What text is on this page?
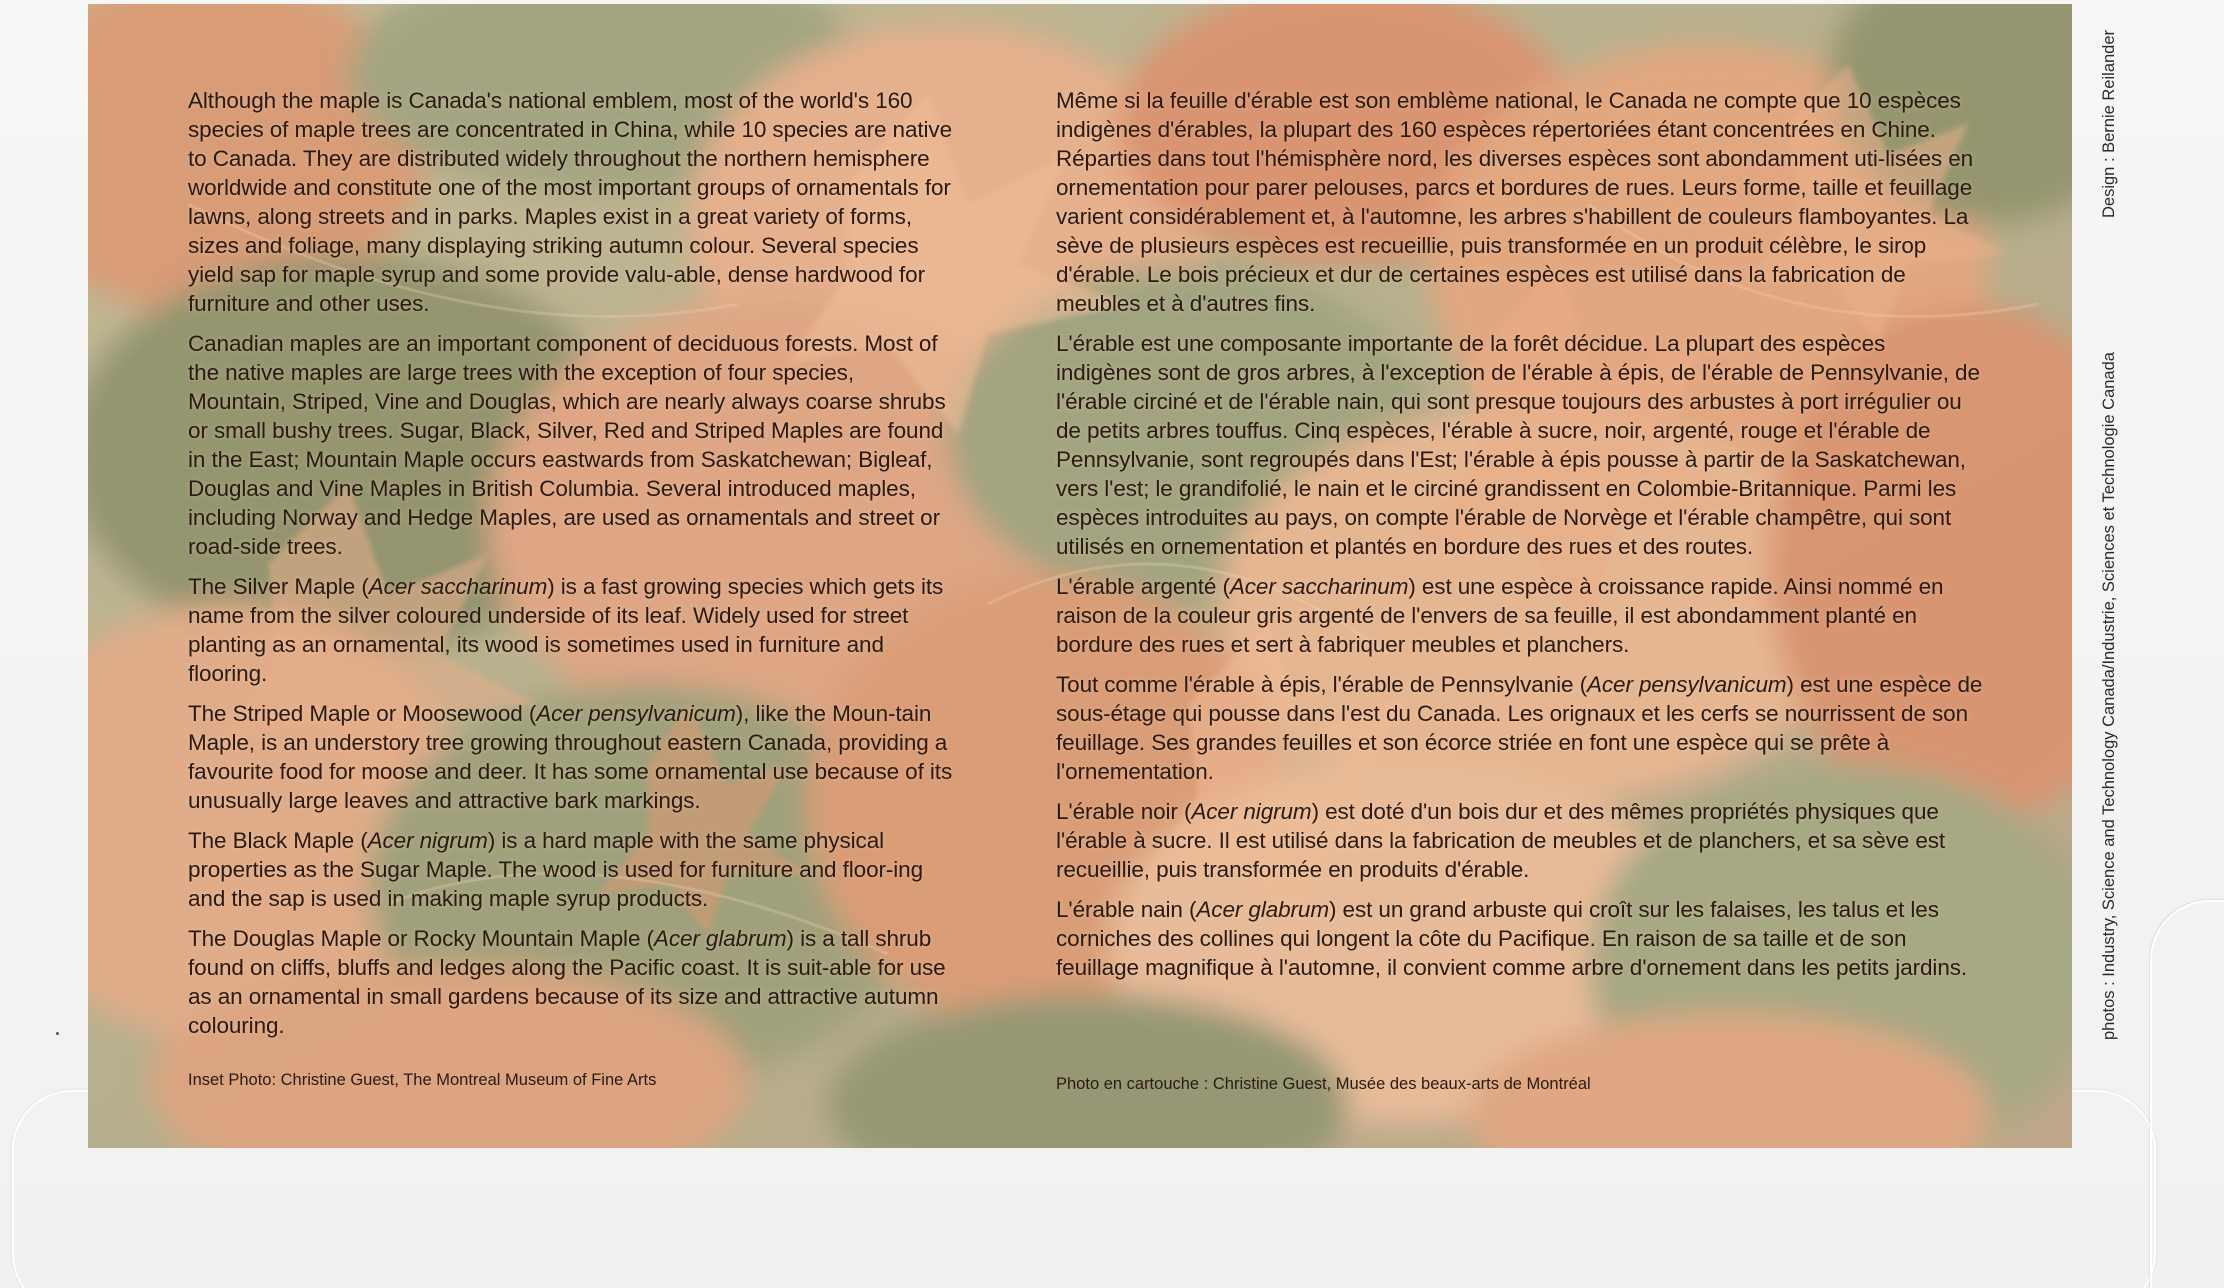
Although the maple is Canada's national emblem, most of the world's 160 species of maple trees are concentrated in China, while 10 species are native to Canada. They are distributed widely throughout the northern hemisphere worldwide and constitute one of the most important groups of ornamentals for lawns, along streets and in parks. Maples exist in a great variety of forms, sizes and foliage, many displaying striking autumn colour. Several species yield sap for maple syrup and some provide valu-able, dense hardwood for furniture and other uses.

Canadian maples are an important component of deciduous forests. Most of the native maples are large trees with the exception of four species, Mountain, Striped, Vine and Douglas, which are nearly always coarse shrubs or small bushy trees. Sugar, Black, Silver, Red and Striped Maples are found in the East; Mountain Maple occurs eastwards from Saskatchewan; Bigleaf, Douglas and Vine Maples in British Columbia. Several introduced maples, including Norway and Hedge Maples, are used as ornamentals and street or road-side trees.

The Silver Maple (Acer saccharinum) is a fast growing species which gets its name from the silver coloured underside of its leaf. Widely used for street planting as an ornamental, its wood is sometimes used in furniture and flooring.

The Striped Maple or Moosewood (Acer pensylvanicum), like the Moun-tain Maple, is an understory tree growing throughout eastern Canada, providing a favourite food for moose and deer. It has some ornamental use because of its unusually large leaves and attractive bark markings.

The Black Maple (Acer nigrum) is a hard maple with the same physical properties as the Sugar Maple. The wood is used for furniture and floor-ing and the sap is used in making maple syrup products.

The Douglas Maple or Rocky Mountain Maple (Acer glabrum) is a tall shrub found on cliffs, bluffs and ledges along the Pacific coast. It is suit-able for use as an ornamental in small gardens because of its size and attractive autumn colouring.

Inset Photo: Christine Guest, The Montreal Museum of Fine Arts

Même si la feuille d'érable est son emblème national, le Canada ne compte que 10 espèces indigènes d'érables, la plupart des 160 espèces répertoriées étant concentrées en Chine. Réparties dans tout l'hémisphère nord, les diverses espèces sont abondamment uti-lisées en ornementation pour parer pelouses, parcs et bordures de rues. Leurs forme, taille et feuillage varient considérablement et, à l'automne, les arbres s'habillent de couleurs flamboyantes. La sève de plusieurs espèces est recueillie, puis transformée en un produit célèbre, le sirop d'érable. Le bois précieux et dur de certaines espèces est utilisé dans la fabrication de meubles et à d'autres fins.

L'érable est une composante importante de la forêt décidue. La plupart des espèces indigènes sont de gros arbres, à l'exception de l'érable à épis, de l'érable de Pennsylvanie, de l'érable circiné et de l'érable nain, qui sont presque toujours des arbustes à port irrégulier ou de petits arbres touffus. Cinq espèces, l'érable à sucre, noir, argenté, rouge et l'érable de Pennsylvanie, sont regroupés dans l'Est; l'érable à épis pousse à partir de la Saskatchewan, vers l'est; le grandifolié, le nain et le circiné grandissent en Colombie-Britannique. Parmi les espèces introduites au pays, on compte l'érable de Norvège et l'érable champêtre, qui sont utilisés en ornementation et plantés en bordure des rues et des routes.

L'érable argenté (Acer saccharinum) est une espèce à croissance rapide. Ainsi nommé en raison de la couleur gris argenté de l'envers de sa feuille, il est abondamment planté en bordure des rues et sert à fabriquer meubles et planchers.

Tout comme l'érable à épis, l'érable de Pennsylvanie (Acer pensylvanicum) est une espèce de sous-étage qui pousse dans l'est du Canada. Les orignaux et les cerfs se nourrissent de son feuillage. Ses grandes feuilles et son écorce striée en font une espèce qui se prête à l'ornementation.

L'érable noir (Acer nigrum) est doté d'un bois dur et des mêmes propriétés physiques que l'érable à sucre. Il est utilisé dans la fabrication de meubles et de planchers, et sa sève est recueillie, puis transformée en produits d'érable.

L'érable nain (Acer glabrum) est un grand arbuste qui croît sur les falaises, les talus et les corniches des collines qui longent la côte du Pacifique. En raison de sa taille et de son feuillage magnifique à l'automne, il convient comme arbre d'ornement dans les petits jardins.

Photo en cartouche : Christine Guest, Musée des beaux-arts de Montréal
Design : Bernie Reilander
photos : Industry, Science and Technology Canada/Industrie, Sciences et Technologie Canada
